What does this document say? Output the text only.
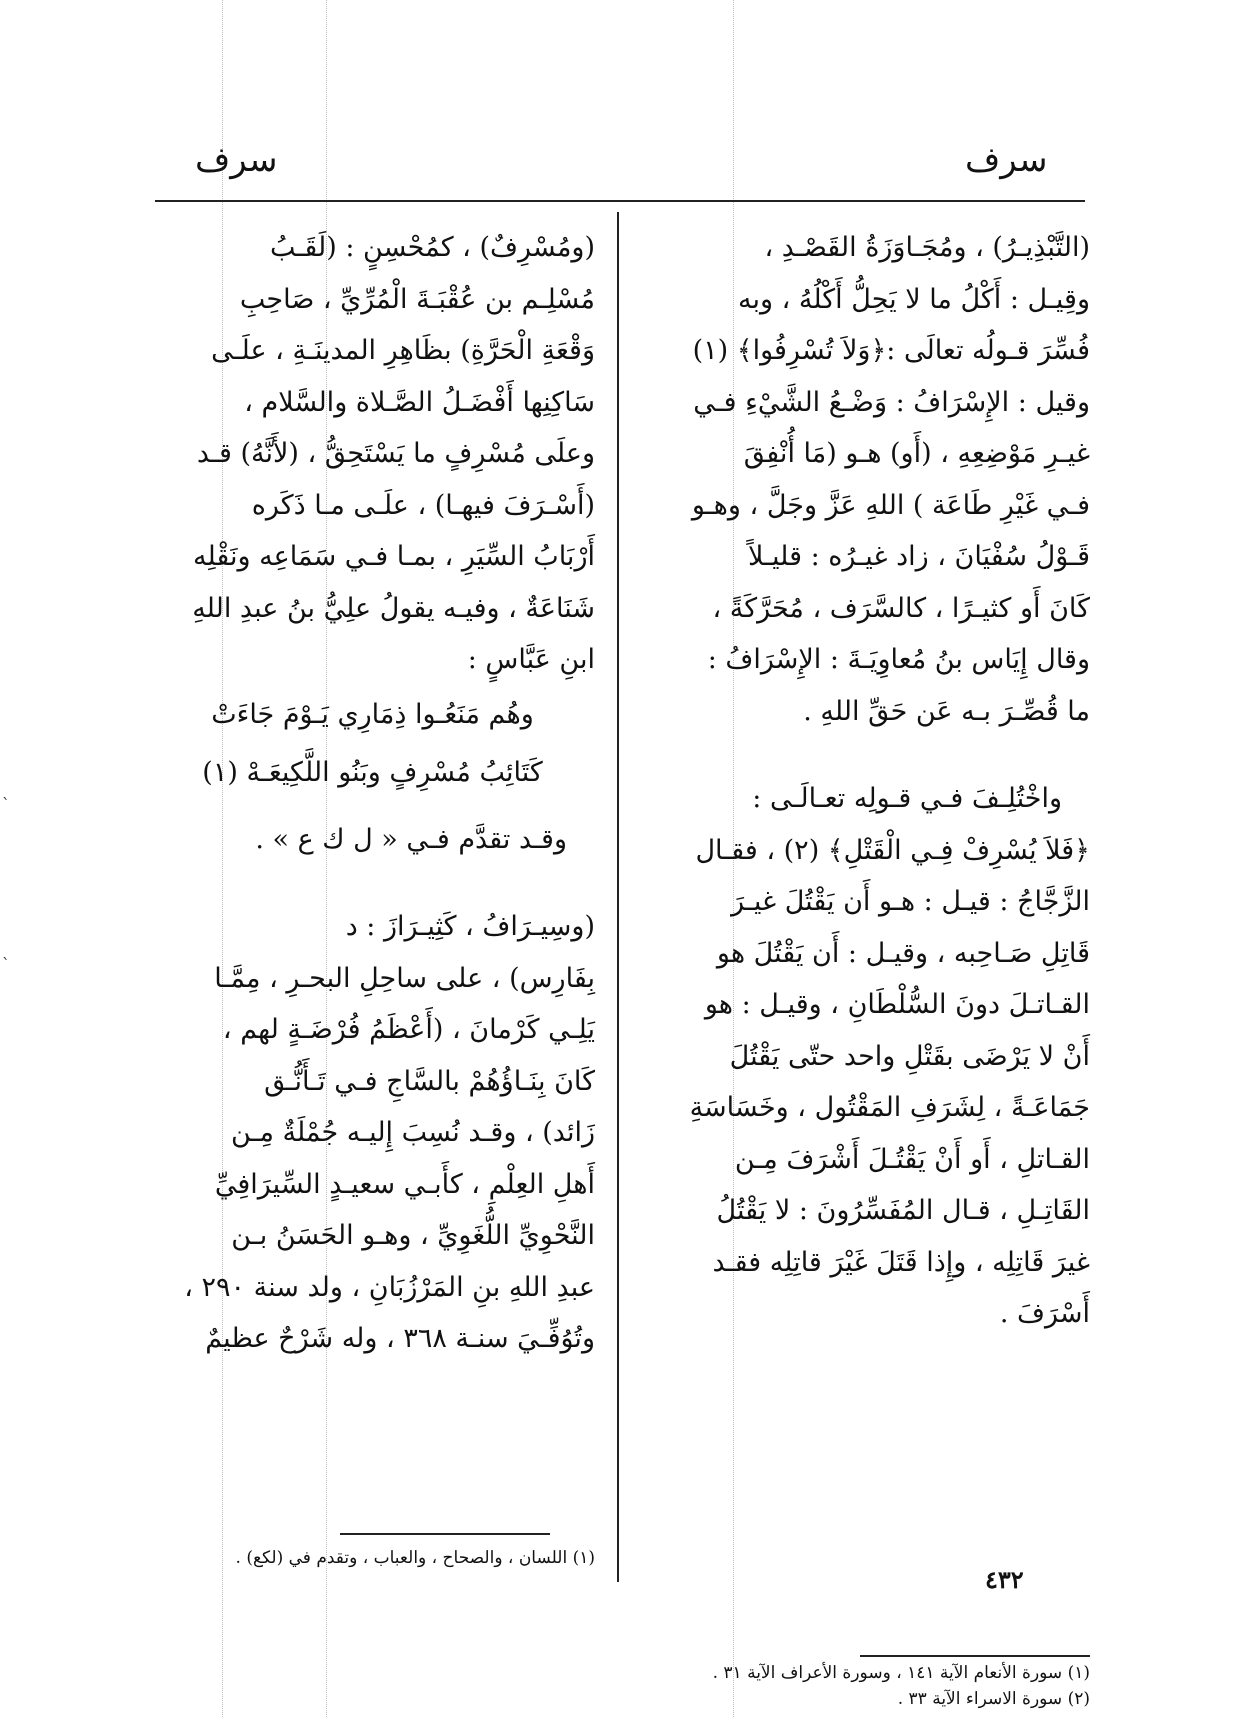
سرف
سرف

(التَّبْذِيـرُ) ، ومُجَـاوَزَةُ القَصْـدِ ،

وقِيـل : أَكْلُ ما لا يَحِلُّ أَكْلُهُ ، وبه

فُسِّرَ قـولُه تعالَى :﴿وَلاَ تُسْرِفُوا﴾ (١)

وقيل : الإِسْرَافُ : وَضْـعُ الشَّيْءِ فـي

غيـرِ مَوْضِعِهِ ، (أَو) هـو (مَا أُنْفِقَ

فـي غَيْرِ طَاعَة ) اللهِ عَزَّ وجَلَّ ، وهـو

قَـوْلُ سُفْيَانَ ، زاد غيـرُه : قليـلاً

كَانَ أَو كثيـرًا ، كالسَّرَف ، مُحَرَّكَةً ،

وقال إِيَاس بنُ مُعاوِيَـةَ : الإِسْرَافُ :

ما قُصِّـرَ بـه عَن حَقِّ اللهِ .

واخْتُلِـفَ فـي قـولِه تعـالَـى :

﴿فَلاَ يُسْرِفْ فِـي الْقَتْلِ﴾ (٢) ، فقـال

الزَّجَّاجُ : قيـل : هـو أَن يَقْتُلَ غيـرَ

قَاتِلِ صَـاحِبه ، وقيـل : أَن يَقْتُلَ هو

القـاتـلَ دونَ السُّلْطَانِ ، وقيـل : هو

أَنْ لا يَرْضَى بقَتْلِ واحد حتّى يَقْتُلَ

جَمَاعَـةً ، لِشَرَفِ المَقْتُول ، وخَسَاسَةِ

القـاتلِ ، أَو أَنْ يَقْتُـلَ أَشْرَفَ مِـن

القَاتِـلِ ، قـال المُفَسِّرُونَ : لا يَقْتُلُ

غيرَ قَاتِلِه ، وإِذا قَتَلَ غَيْرَ قاتِلِه فقـد

أَسْرَفَ .

(١) سورة الأنعام الآية ١٤١ ، وسورة الأعراف الآية ٣١ .

(٢) سورة الاسراء الآية ٣٣ .

(ومُسْرِفٌ) ، كمُحْسِنٍ : (لَقَـبُ

مُسْلِـم بن عُقْبَـةَ الْمُرِّيِّ ، صَاحِبِ

وَقْعَةِ الْحَرَّةِ) بظَاهِرِ المدينَـةِ ، علَـى

سَاكِنِها أَفْضَـلُ الصَّـلاة والسَّلام ،

وعلَى مُسْرِفٍ ما يَسْتَحِقُّ ، (لأَنَّهُ) قـد

(أَسْـرَفَ فيهـا) ، علَـى مـا ذَكَره

أَرْبَابُ السِّيَرِ ، بمـا فـي سَمَاعِه ونَقْلِه

شَنَاعَةٌ ، وفيـه يقولُ علِيُّ بنُ عبدِ اللهِ

ابنِ عَبَّاسٍ :

وهُم مَنَعُـوا ذِمَارِي يَـوْمَ جَاءَتْ

كَتَائِبُ مُسْرِفٍ وبَنُو اللَّكِيعَـهْ (١)

وقـد تقدَّم فـي « ل ك ع » .

(وسِيـرَافُ ، كَثِيـرَازَ : د

بِفَارِس) ، على ساحِلِ البحـرِ ، مِمَّـا

يَلِـي كَرْمانَ ، (أَعْظَمُ فُرْضَـةٍ لهم ،

كَانَ بِنَـاؤُهُمْ بالسَّاجِ فـي تَـأَنُّـق

زَائد) ، وقـد نُسِبَ إِليـه جُمْلَةٌ مِـن

أَهلِ العِلْمِ ، كأَبـي سعيـدٍ السِّيرَافِيِّ

النَّحْوِيِّ اللُّغَوِيِّ ، وهـو الحَسَنُ بـن

عبدِ اللهِ بنِ المَرْزُبَانِ ، ولد سنة ٢٩٠ ،

وتُوُفِّـيَ سنـة ٣٦٨ ، وله شَرْحٌ عظيمٌ

(١) اللسان ، والصحاح ، والعباب ، وتقدم في (لكع) .

٤٣٢
ˋ
ˋ
